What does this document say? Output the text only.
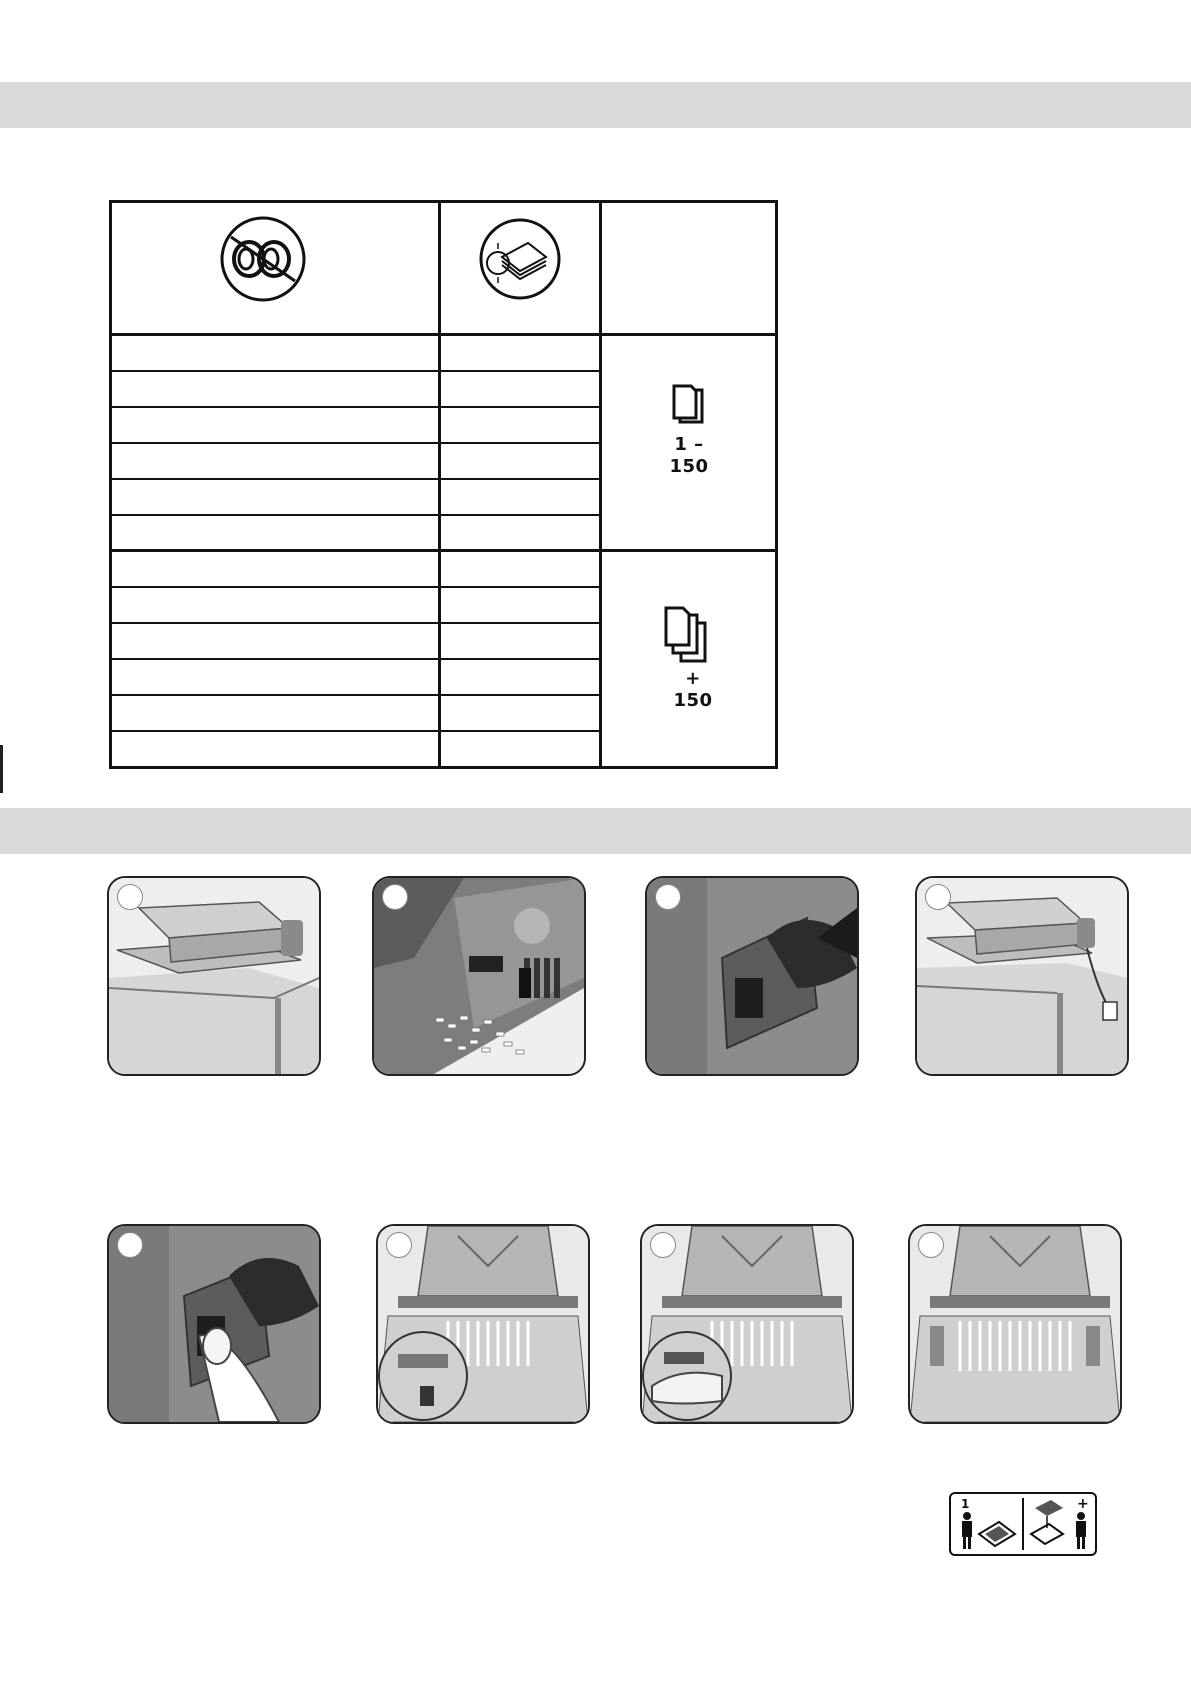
1 –
150
+
150
1	+
